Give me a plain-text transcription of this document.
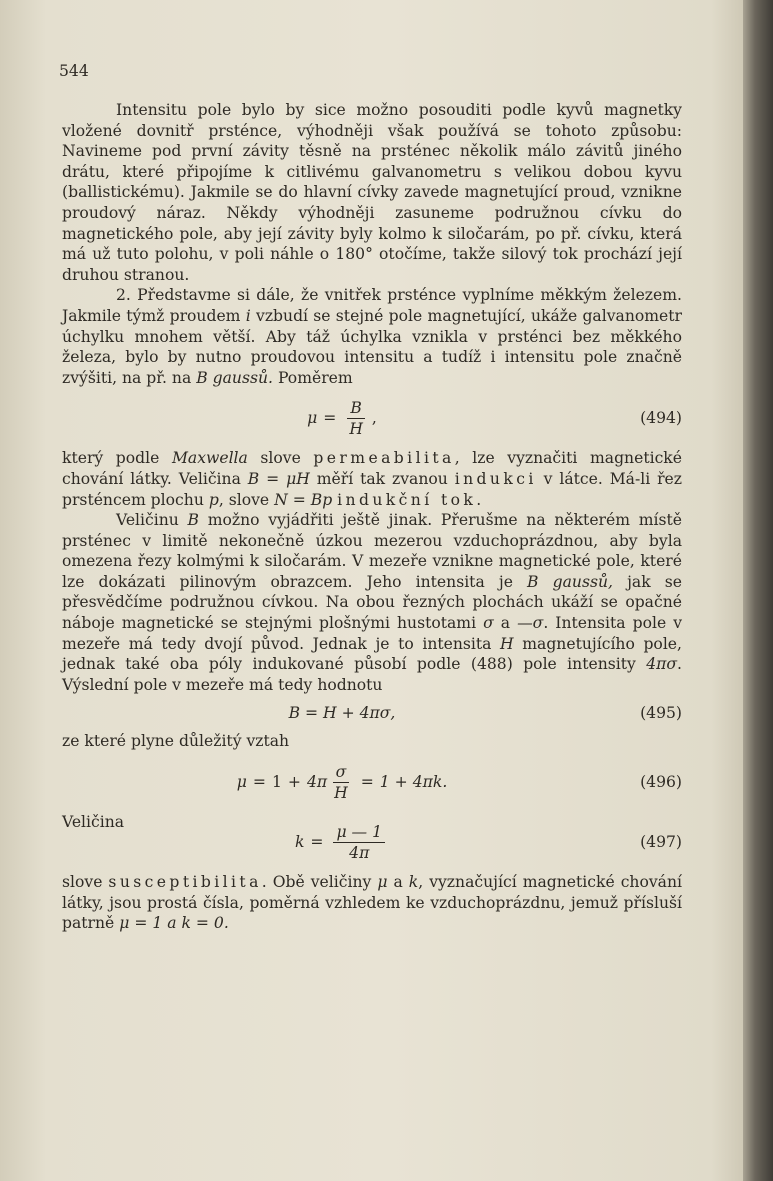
544

Intensitu pole bylo by sice možno posouditi podle kyvů magnetky vložené dovnitř prsténce, výhodněji však používá se tohoto způsobu: Navineme pod první závity těsně na prsténec několik málo závitů jiného drátu, které připojíme k citlivému galvanometru s velikou dobou kyvu (ballistickému). Jakmile se do hlavní cívky zavede magnetující proud, vznikne proudový náraz. Někdy výhodněji zasuneme podružnou cívku do magnetického pole, aby její závity byly kolmo k siločarám, po př. cívku, která má už tuto polohu, v poli náhle o 180° otočíme, takže silový tok prochází její druhou stranou.

2. Představme si dále, že vnitřek prsténce vyplníme měkkým železem. Jakmile týmž proudem i vzbudí se stejné pole magnetující, ukáže galvanometr úchylku mnohem větší. Aby táž úchylka vznikla v prsténci bez měkkého železa, bylo by nutno proudovou intensitu a tudíž i intensitu pole značně zvýšiti, na př. na B gaussů. Poměrem

$\mu = \frac{B}{H}$ ,	(494)

který podle Maxwella slove permeabilita, lze vyznačiti magnetické chování látky. Veličina B = μH měří tak zvanou indukci v látce. Má-li řez prsténcem plochu p, slove N = Bp indukční tok.

Veličinu B možno vyjádřiti ještě jinak. Přerušme na některém místě prsténec v limitě nekonečně úzkou mezerou vzduchoprázdnou, aby byla omezena řezy kolmými k siločarám. V mezeře vznikne magnetické pole, které lze dokázati pilinovým obrazcem. Jeho intensita je B gaussů, jak se přesvědčíme podružnou cívkou. Na obou řezných plochách ukáží se opačné náboje magnetické se stejnými plošnými hustotami σ a —σ. Intensita pole v mezeře má tedy dvojí původ. Jednak je to intensita H magnetujícího pole, jednak také oba póly indukované působí podle (488) pole intensity 4πσ. Výslední pole v mezeře má tedy hodnotu

B = H + 4πσ,	(495)

ze které plyne důležitý vztah

$\mu = 1 + 4\pi \frac{\sigma}{H} = 1 + 4\pi k$.	(496)
Veličina
$k = \frac{\mu — 1}{4\pi}$	(497)

slove susceptibilita. Obě veličiny μ a k, vyznačující magnetické chování látky, jsou prostá čísla, poměrná vzhledem ke vzduchoprázdnu, jemuž přísluší patrně μ = 1 a k = 0.
